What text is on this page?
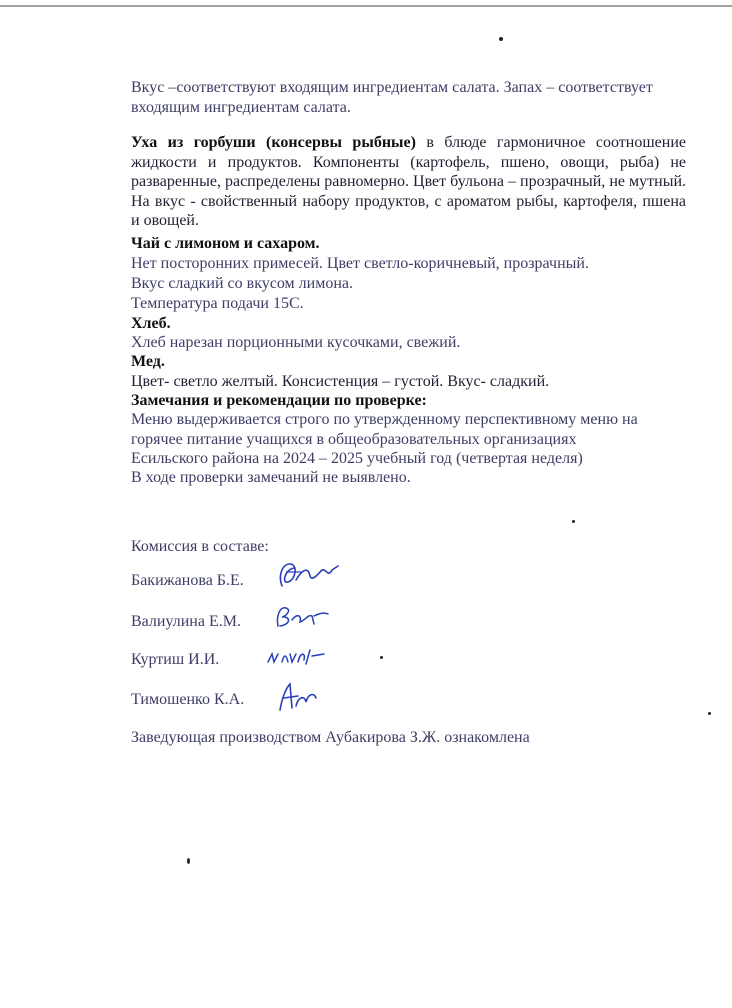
Вкус –соответствуют входящим ингредиентам салата. Запах – соответствует
входящим ингредиентам салата.
Уха из горбуши (консервы рыбные) в блюде гармоничное соотношение жидкости и продуктов. Компоненты (картофель, пшено, овощи, рыба) не разваренные, распределены равномерно. Цвет бульона – прозрачный, не мутный. На вкус - свойственный набору продуктов, с ароматом рыбы, картофеля, пшена и овощей.
Чай с лимоном и сахаром.
Нет посторонних примесей. Цвет светло-коричневый, прозрачный.
Вкус сладкий со вкусом лимона.
Температура подачи 15С.
Хлеб.
Хлеб нарезан порционными кусочками, свежий.
Мед.
Цвет- светло желтый. Консистенция – густой. Вкус- сладкий.
Замечания и рекомендации по проверке:
Меню выдерживается строго по утвержденному перспективному меню на
горячее питание учащихся в общеобразовательных организациях
Есильского района на 2024 – 2025 учебный год (четвертая неделя)
В ходе проверки замечаний не выявлено.
Комиссия в составе:
Бакижанова Б.Е.
Валиулина Е.М.
Куртиш И.И.
Тимошенко К.А.
Заведующая производством Аубакирова З.Ж. ознакомлена
